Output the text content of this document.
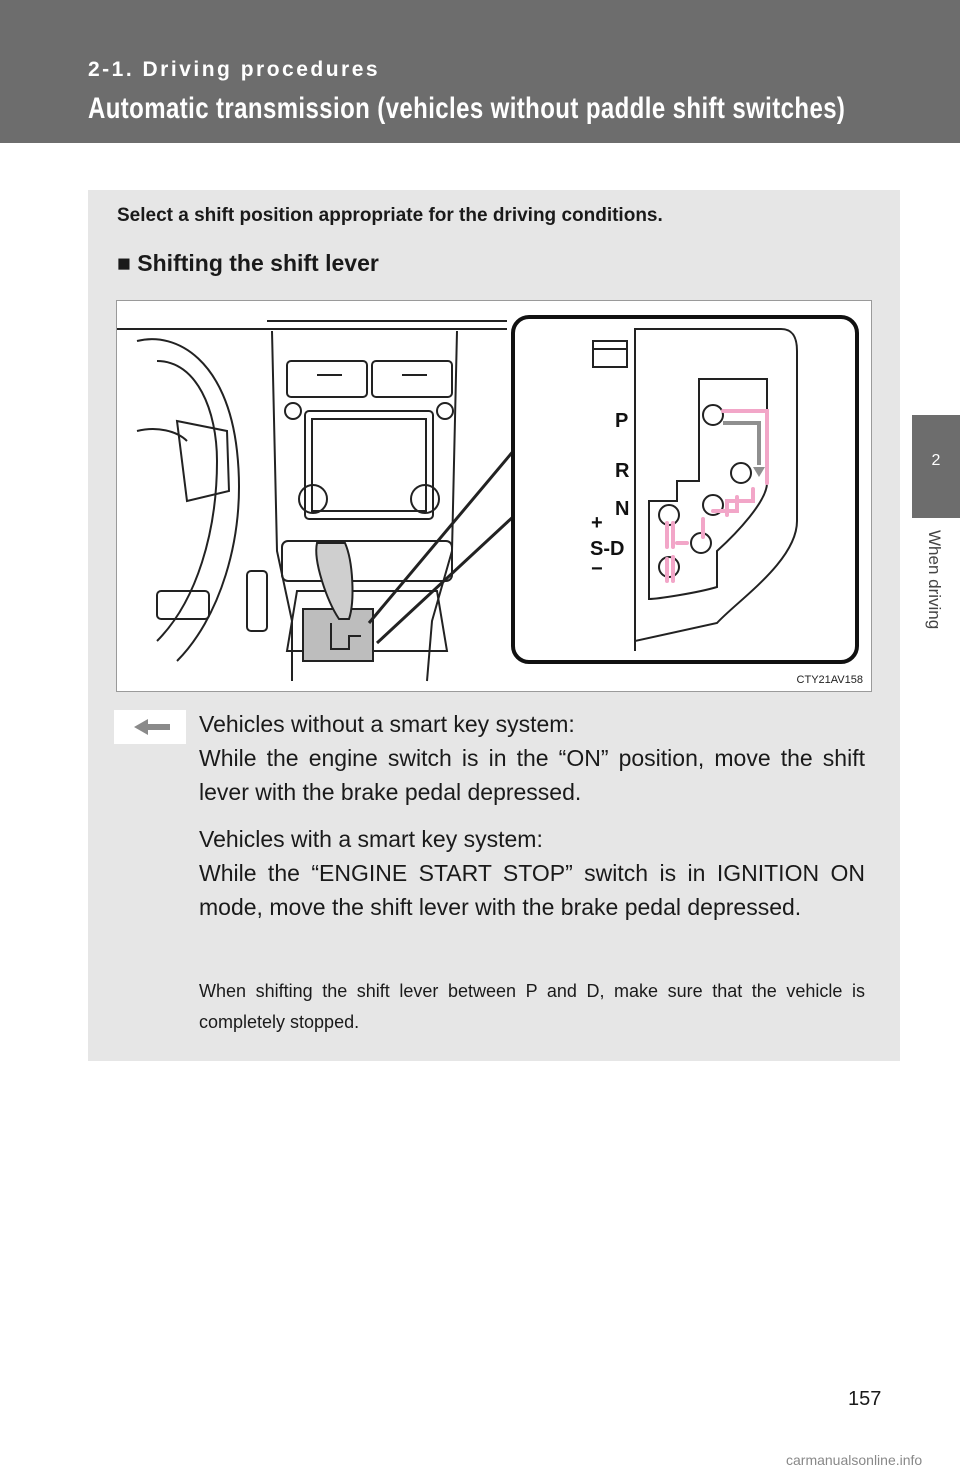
2-1. Driving procedures
Automatic transmission (vehicles without paddle shift switches)
2
When driving
Select a shift position appropriate for the driving conditions.
■ Shifting the shift lever
P
R
N
S-D
+
−
CTY21AV158

Vehicles without a smart key system:

While the engine switch is in the “ON” position, move the shift lever with the brake pedal depressed.

Vehicles with a smart key system:

While the “ENGINE START STOP” switch is in IGNITION ON mode, move the shift lever with the brake pedal depressed.

When shifting the shift lever between P and D, make sure that the vehicle is completely stopped.
157
carmanualsonline.info
